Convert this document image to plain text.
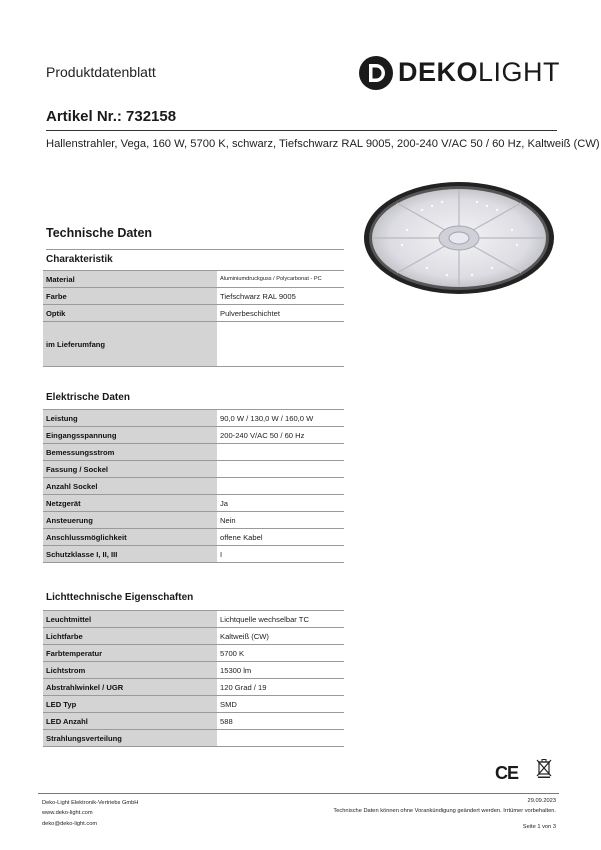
Produktdatenblatt	DEKOLIGHT
Artikel Nr.: 732158
Hallenstrahler, Vega, 160 W, 5700 K, schwarz, Tiefschwarz RAL 9005, 200-240 V/AC 50 / 60 Hz, Kaltweiß (CW)
Technische Daten
Charakteristik
Material	Aluminiumdruckguss / Polycarbonat - PC
Farbe	Tiefschwarz RAL 9005
Optik	Pulverbeschichtet
im Lieferumfang	
Elektrische Daten
Leistung	90,0 W / 130,0 W / 160,0 W
Eingangsspannung	200-240 V/AC 50 / 60 Hz
Bemessungsstrom	
Fassung / Sockel	
Anzahl Sockel	
Netzgerät	Ja
Ansteuerung	Nein
Anschlussmöglichkeit	offene Kabel
Schutzklasse I, II, III	I
Lichttechnische Eigenschaften
Leuchtmittel	Lichtquelle wechselbar TC
Lichtfarbe	Kaltweiß (CW)
Farbtemperatur	5700 K
Lichtstrom	15300 lm
Abstrahlwinkel / UGR	120 Grad / 19
LED Typ	SMD
LED Anzahl	588
Strahlungsverteilung	
CE
Deko-Light Elektronik-Vertriebs GmbH
www.deko-light.com
deko@deko-light.com
29.09.2023
Technische Daten können ohne Vorankündigung geändert werden. Irrtümer vorbehalten.
Seite 1 von 3
